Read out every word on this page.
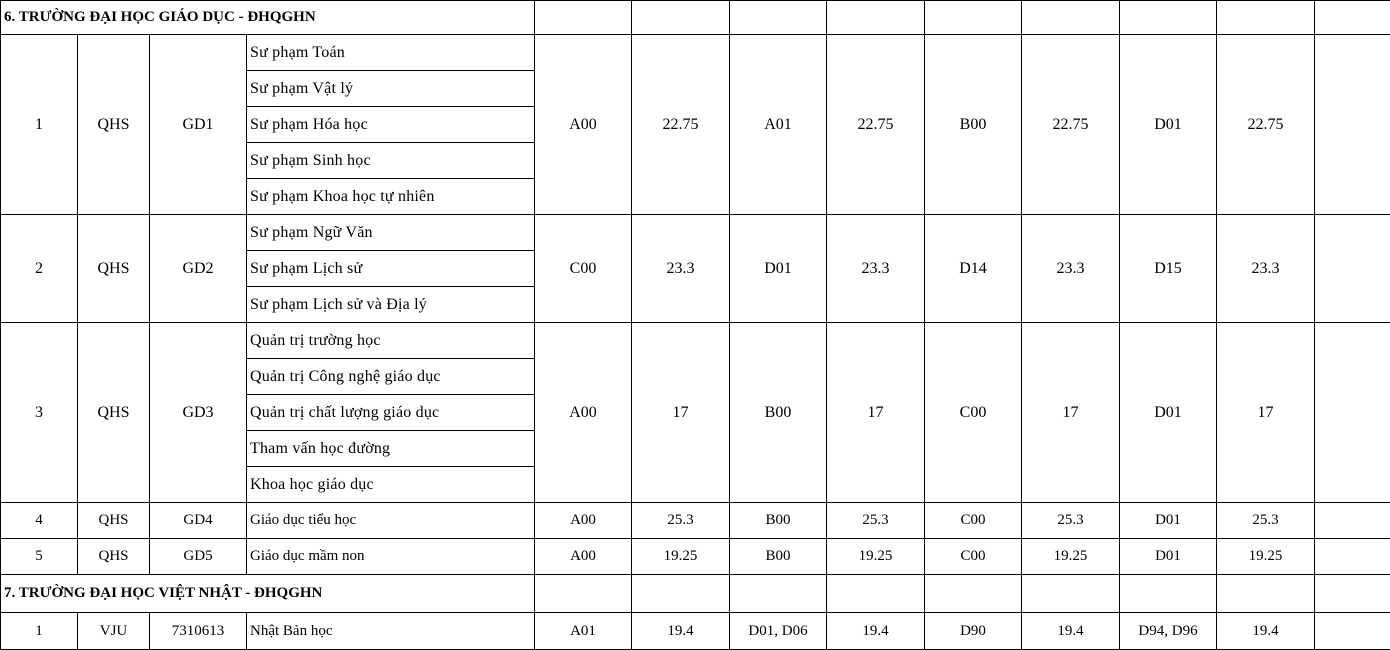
6. TRƯỜNG ĐẠI HỌC GIÁO DỤC - ĐHQGHN												
1	QHS	GD1	Sư phạm Toán	A00	22.75	A01	22.75	B00	22.75	D01	22.75	
			Sư phạm Vật lý									
			Sư phạm Hóa học									
			Sư phạm Sinh học									
			Sư phạm Khoa học tự nhiên									
2	QHS	GD2	Sư phạm Ngữ Văn	C00	23.3	D01	23.3	D14	23.3	D15	23.3	
			Sư phạm Lịch sử									
			Sư phạm Lịch sử và Địa lý									
3	QHS	GD3	Quản trị trường học	A00	17	B00	17	C00	17	D01	17	
			Quản trị Công nghệ giáo dục									
			Quản trị chất lượng giáo dục									
			Tham vấn học đường									
			Khoa học giáo dục									
4	QHS	GD4	Giáo dục tiểu học	A00	25.3	B00	25.3	C00	25.3	D01	25.3	
5	QHS	GD5	Giáo dục mầm non	A00	19.25	B00	19.25	C00	19.25	D01	19.25	
7. TRƯỜNG ĐẠI HỌC VIỆT NHẬT - ĐHQGHN												
1	VJU	7310613	Nhật Bản học	A01	19.4	D01, D06	19.4	D90	19.4	D94, D96	19.4	
